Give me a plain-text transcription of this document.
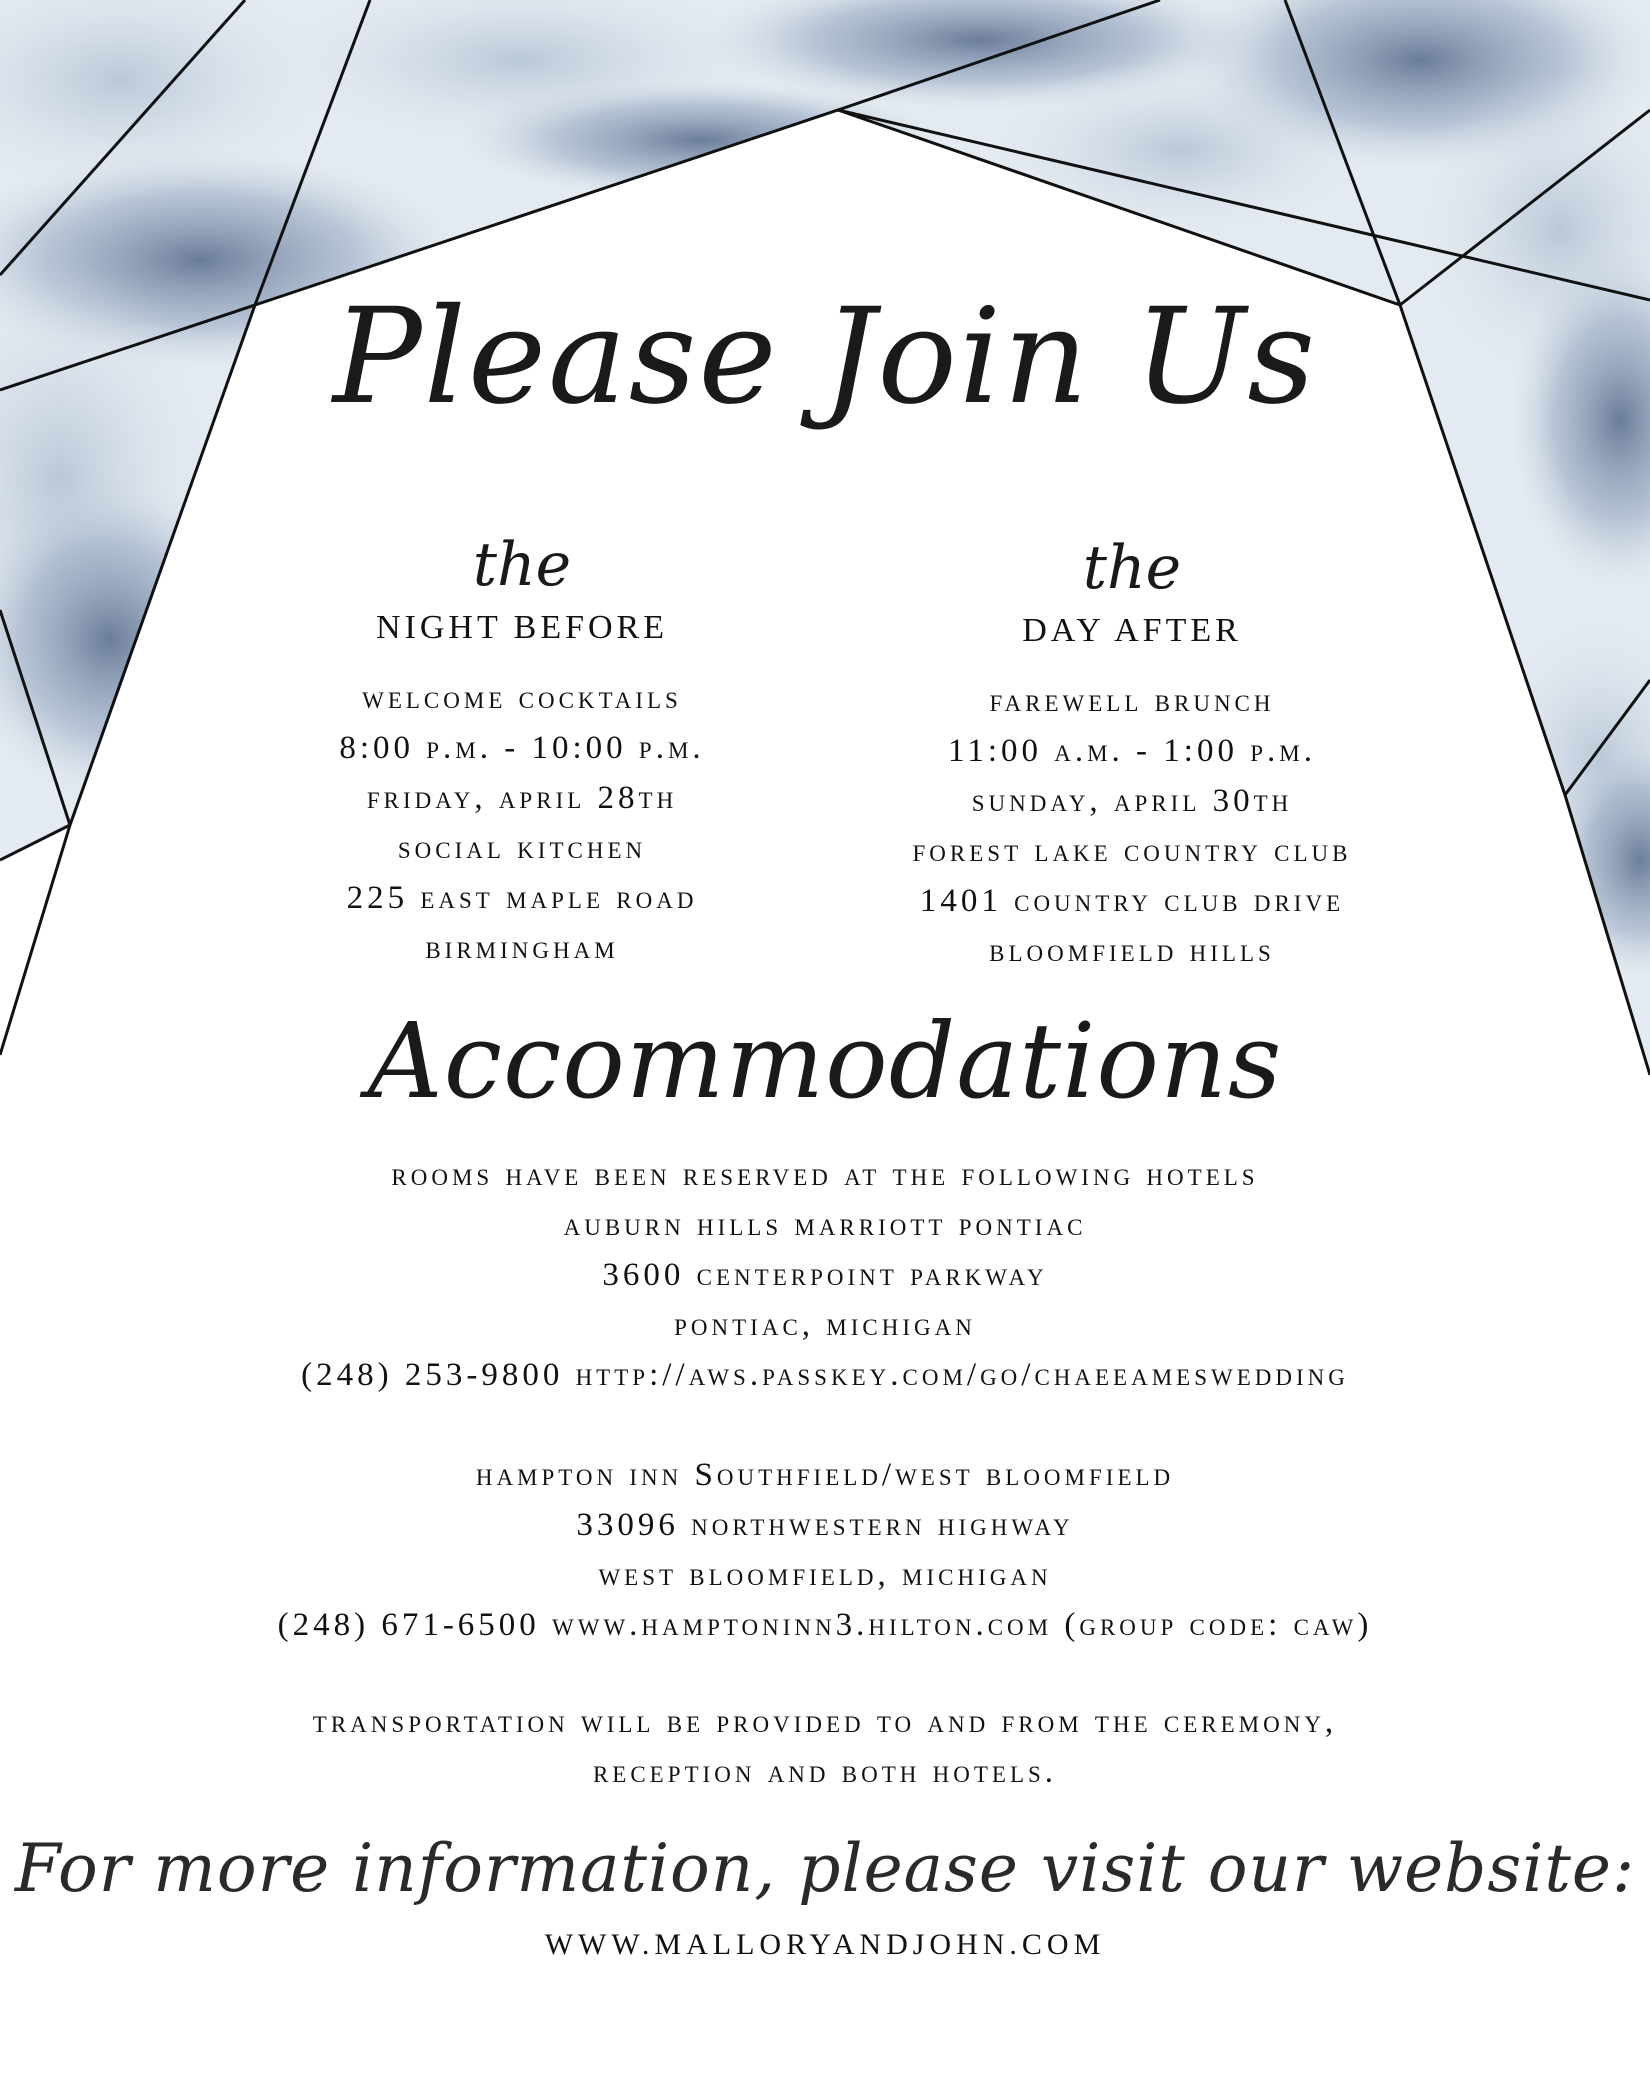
Please Join Us
the
NIGHT BEFORE
welcome cocktails
8:00 p.m. - 10:00 p.m.
friday, april 28th
social kitchen
225 east maple road
birmingham
the
DAY AFTER
farewell brunch
11:00 a.m. - 1:00 p.m.
sunday, april 30th
forest lake country club
1401 country club drive
bloomfield hills
Accommodations
rooms have been reserved at the following hotels
auburn hills marriott pontiac
3600 centerpoint parkway
pontiac, michigan
(248) 253-9800 http://aws.passkey.com/go/chaeeameswedding
hampton inn Southfield/west bloomfield
33096 northwestern highway
west bloomfield, michigan
(248) 671-6500 www.hamptoninn3.hilton.com (group code: caw)
transportation will be provided to and from the ceremony,
reception and both hotels.
For more information, please visit our website:
WWW.MALLORYANDJOHN.COM
